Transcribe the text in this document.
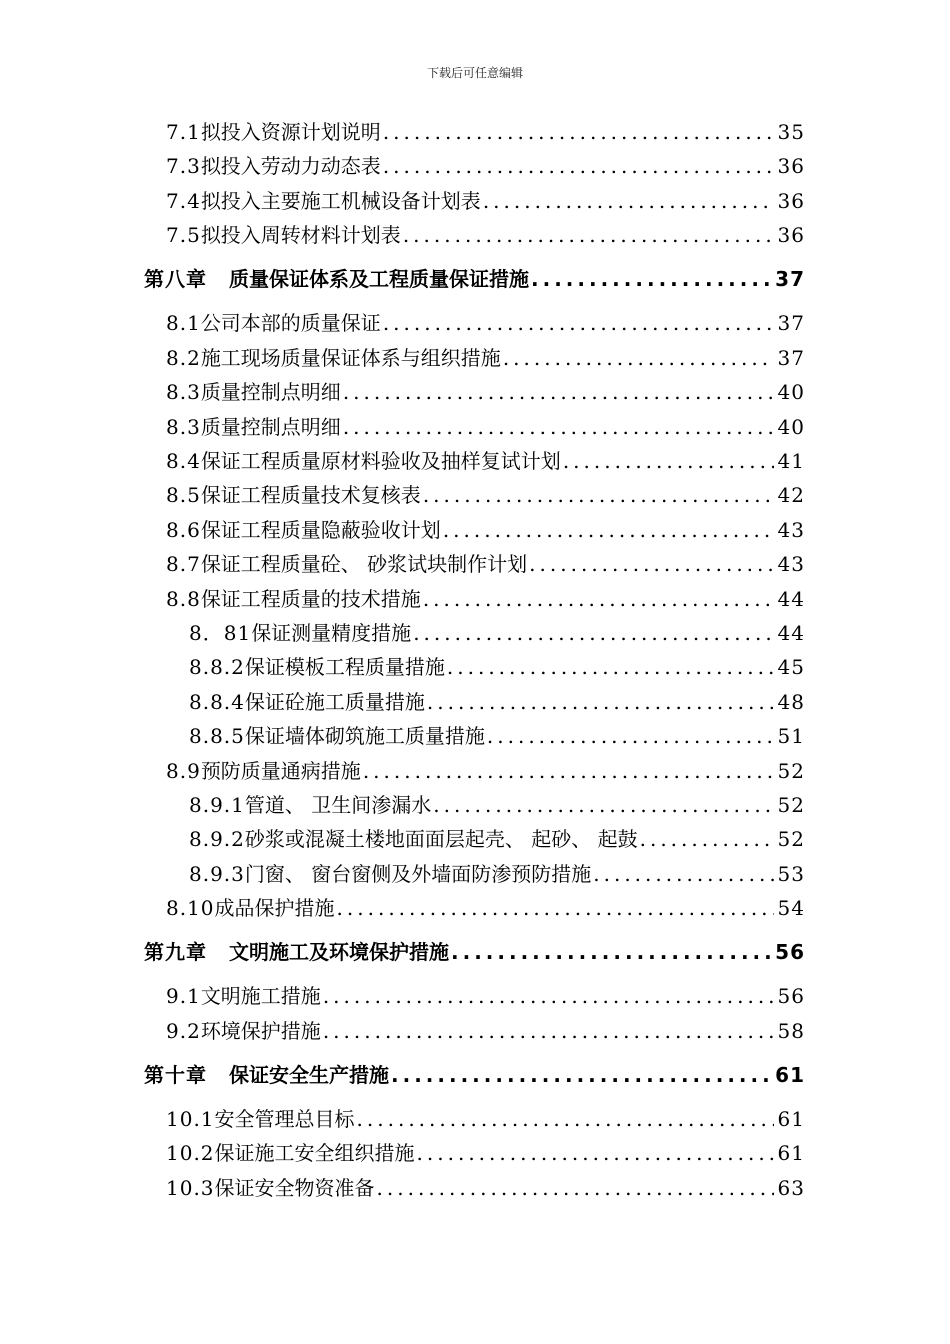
下载后可任意编辑
7.1 拟投入资源计划说明 .....	35
7.3 拟投入劳动力动态表 .....	36
7.4 拟投入主要施工机械设备计划表 .....	36
7.5 拟投入周转材料计划表 .....	36
第八章 质量保证体系及工程质量保证措施 .....	37
8.1 公司本部的质量保证 .....	37
8.2 施工现场质量保证体系与组织措施 .....	37
8.3 质量控制点明细 .....	40
8.3 质量控制点明细 .....	40
8.4 保证工程质量原材料验收及抽样复试计划 .....	41
8.5 保证工程质量技术复核表 .....	42
8.6 保证工程质量隐蔽验收计划 .....	43
8.7 保证工程质量砼、 砂浆试块制作计划 .....	43
8.8 保证工程质量的技术措施 .....	44
8．81 保证测量精度措施 .....	44
8.8.2 保证模板工程质量措施 .....	45
8.8.4 保证砼施工质量措施 .....	48
8.8.5 保证墙体砌筑施工质量措施 .....	51
8.9 预防质量通病措施 .....	52
8.9.1 管道、 卫生间渗漏水 .....	52
8.9.2 砂浆或混凝土楼地面面层起壳、 起砂、 起鼓 .....	52
8.9.3 门窗、 窗台窗侧及外墙面防渗预防措施 .....	53
8.10 成品保护措施 .....	54
第九章 文明施工及环境保护措施 .....	56
9.1 文明施工措施 .....	56
9.2 环境保护措施 .....	58
第十章 保证安全生产措施 .....	61
10.1 安全管理总目标 .....	61
10.2 保证施工安全组织措施 .....	61
10.3 保证安全物资准备 .....	63
